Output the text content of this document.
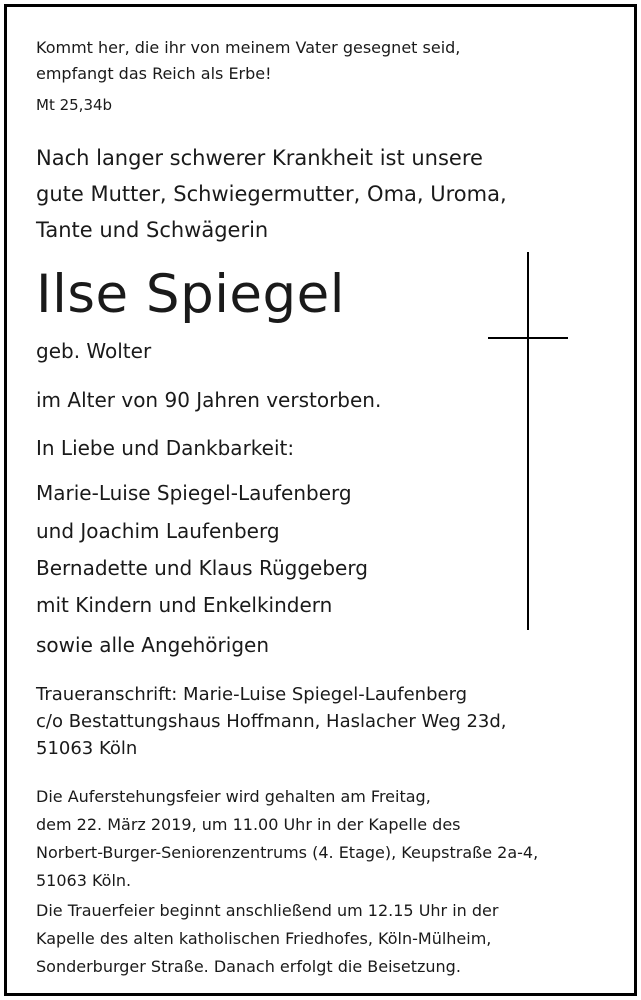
Kommt her, die ihr von meinem Vater gesegnet seid,

empfangt das Reich als Erbe!

Mt 25,34b

Nach langer schwerer Krankheit ist unsere

gute Mutter, Schwiegermutter, Oma, Uroma,

Tante und Schwägerin

Ilse Spiegel

geb. Wolter

im Alter von 90 Jahren verstorben.

In Liebe und Dankbarkeit:

Marie-Luise Spiegel-Laufenberg

und Joachim Laufenberg

Bernadette und Klaus Rüggeberg

mit Kindern und Enkelkindern

sowie alle Angehörigen

Traueranschrift: Marie-Luise Spiegel-Laufenberg

c/o Bestattungshaus Hoffmann, Haslacher Weg 23d,

51063 Köln

Die Auferstehungsfeier wird gehalten am Freitag,

dem 22. März 2019, um 11.00 Uhr in der Kapelle des

Norbert-Burger-Seniorenzentrums (4. Etage), Keupstraße 2a-4,

51063 Köln.

Die Trauerfeier beginnt anschließend um 12.15 Uhr in der

Kapelle des alten katholischen Friedhofes, Köln-Mülheim,

Sonderburger Straße. Danach erfolgt die Beisetzung.
